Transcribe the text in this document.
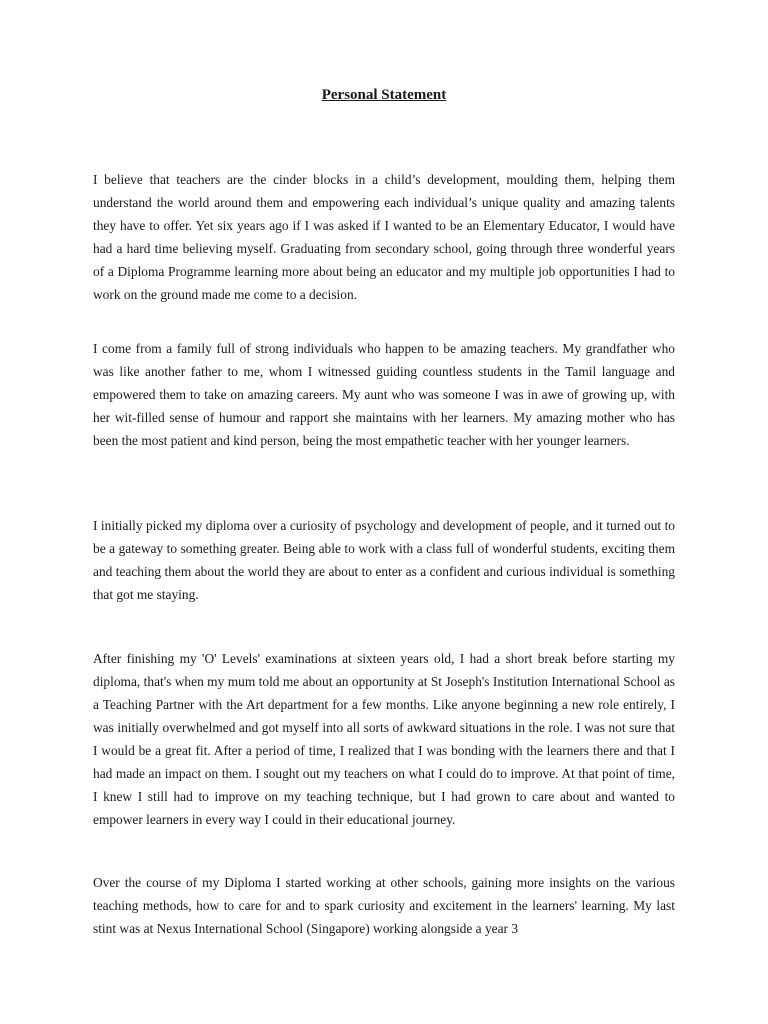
Personal Statement

I believe that teachers are the cinder blocks in a child’s development, moulding them, helping them understand the world around them and empowering each individual’s unique quality and amazing talents they have to offer. Yet six years ago if I was asked if I wanted to be an Elementary Educator, I would have had a hard time believing myself. Graduating from secondary school, going through three wonderful years of a Diploma Programme learning more about being an educator and my multiple job opportunities I had to work on the ground made me come to a decision.

I come from a family full of strong individuals who happen to be amazing teachers. My grandfather who was like another father to me, whom I witnessed guiding countless students in the Tamil language and empowered them to take on amazing careers. My aunt who was someone I was in awe of growing up, with her wit-filled sense of humour and rapport she maintains with her learners. My amazing mother who has been the most patient and kind person, being the most empathetic teacher with her younger learners.

I initially picked my diploma over a curiosity of psychology and development of people, and it turned out to be a gateway to something greater. Being able to work with a class full of wonderful students, exciting them and teaching them about the world they are about to enter as a confident and curious individual is something that got me staying.

After finishing my 'O' Levels' examinations at sixteen years old, I had a short break before starting my diploma, that's when my mum told me about an opportunity at St Joseph's Institution International School as a Teaching Partner with the Art department for a few months. Like anyone beginning a new role entirely, I was initially overwhelmed and got myself into all sorts of awkward situations in the role. I was not sure that I would be a great fit. After a period of time, I realized that I was bonding with the learners there and that I had made an impact on them. I sought out my teachers on what I could do to improve. At that point of time, I knew I still had to improve on my teaching technique, but I had grown to care about and wanted to empower learners in every way I could in their educational journey.

Over the course of my Diploma I started working at other schools, gaining more insights on the various teaching methods, how to care for and to spark curiosity and excitement in the learners' learning. My last stint was at Nexus International School (Singapore) working alongside a year 3
